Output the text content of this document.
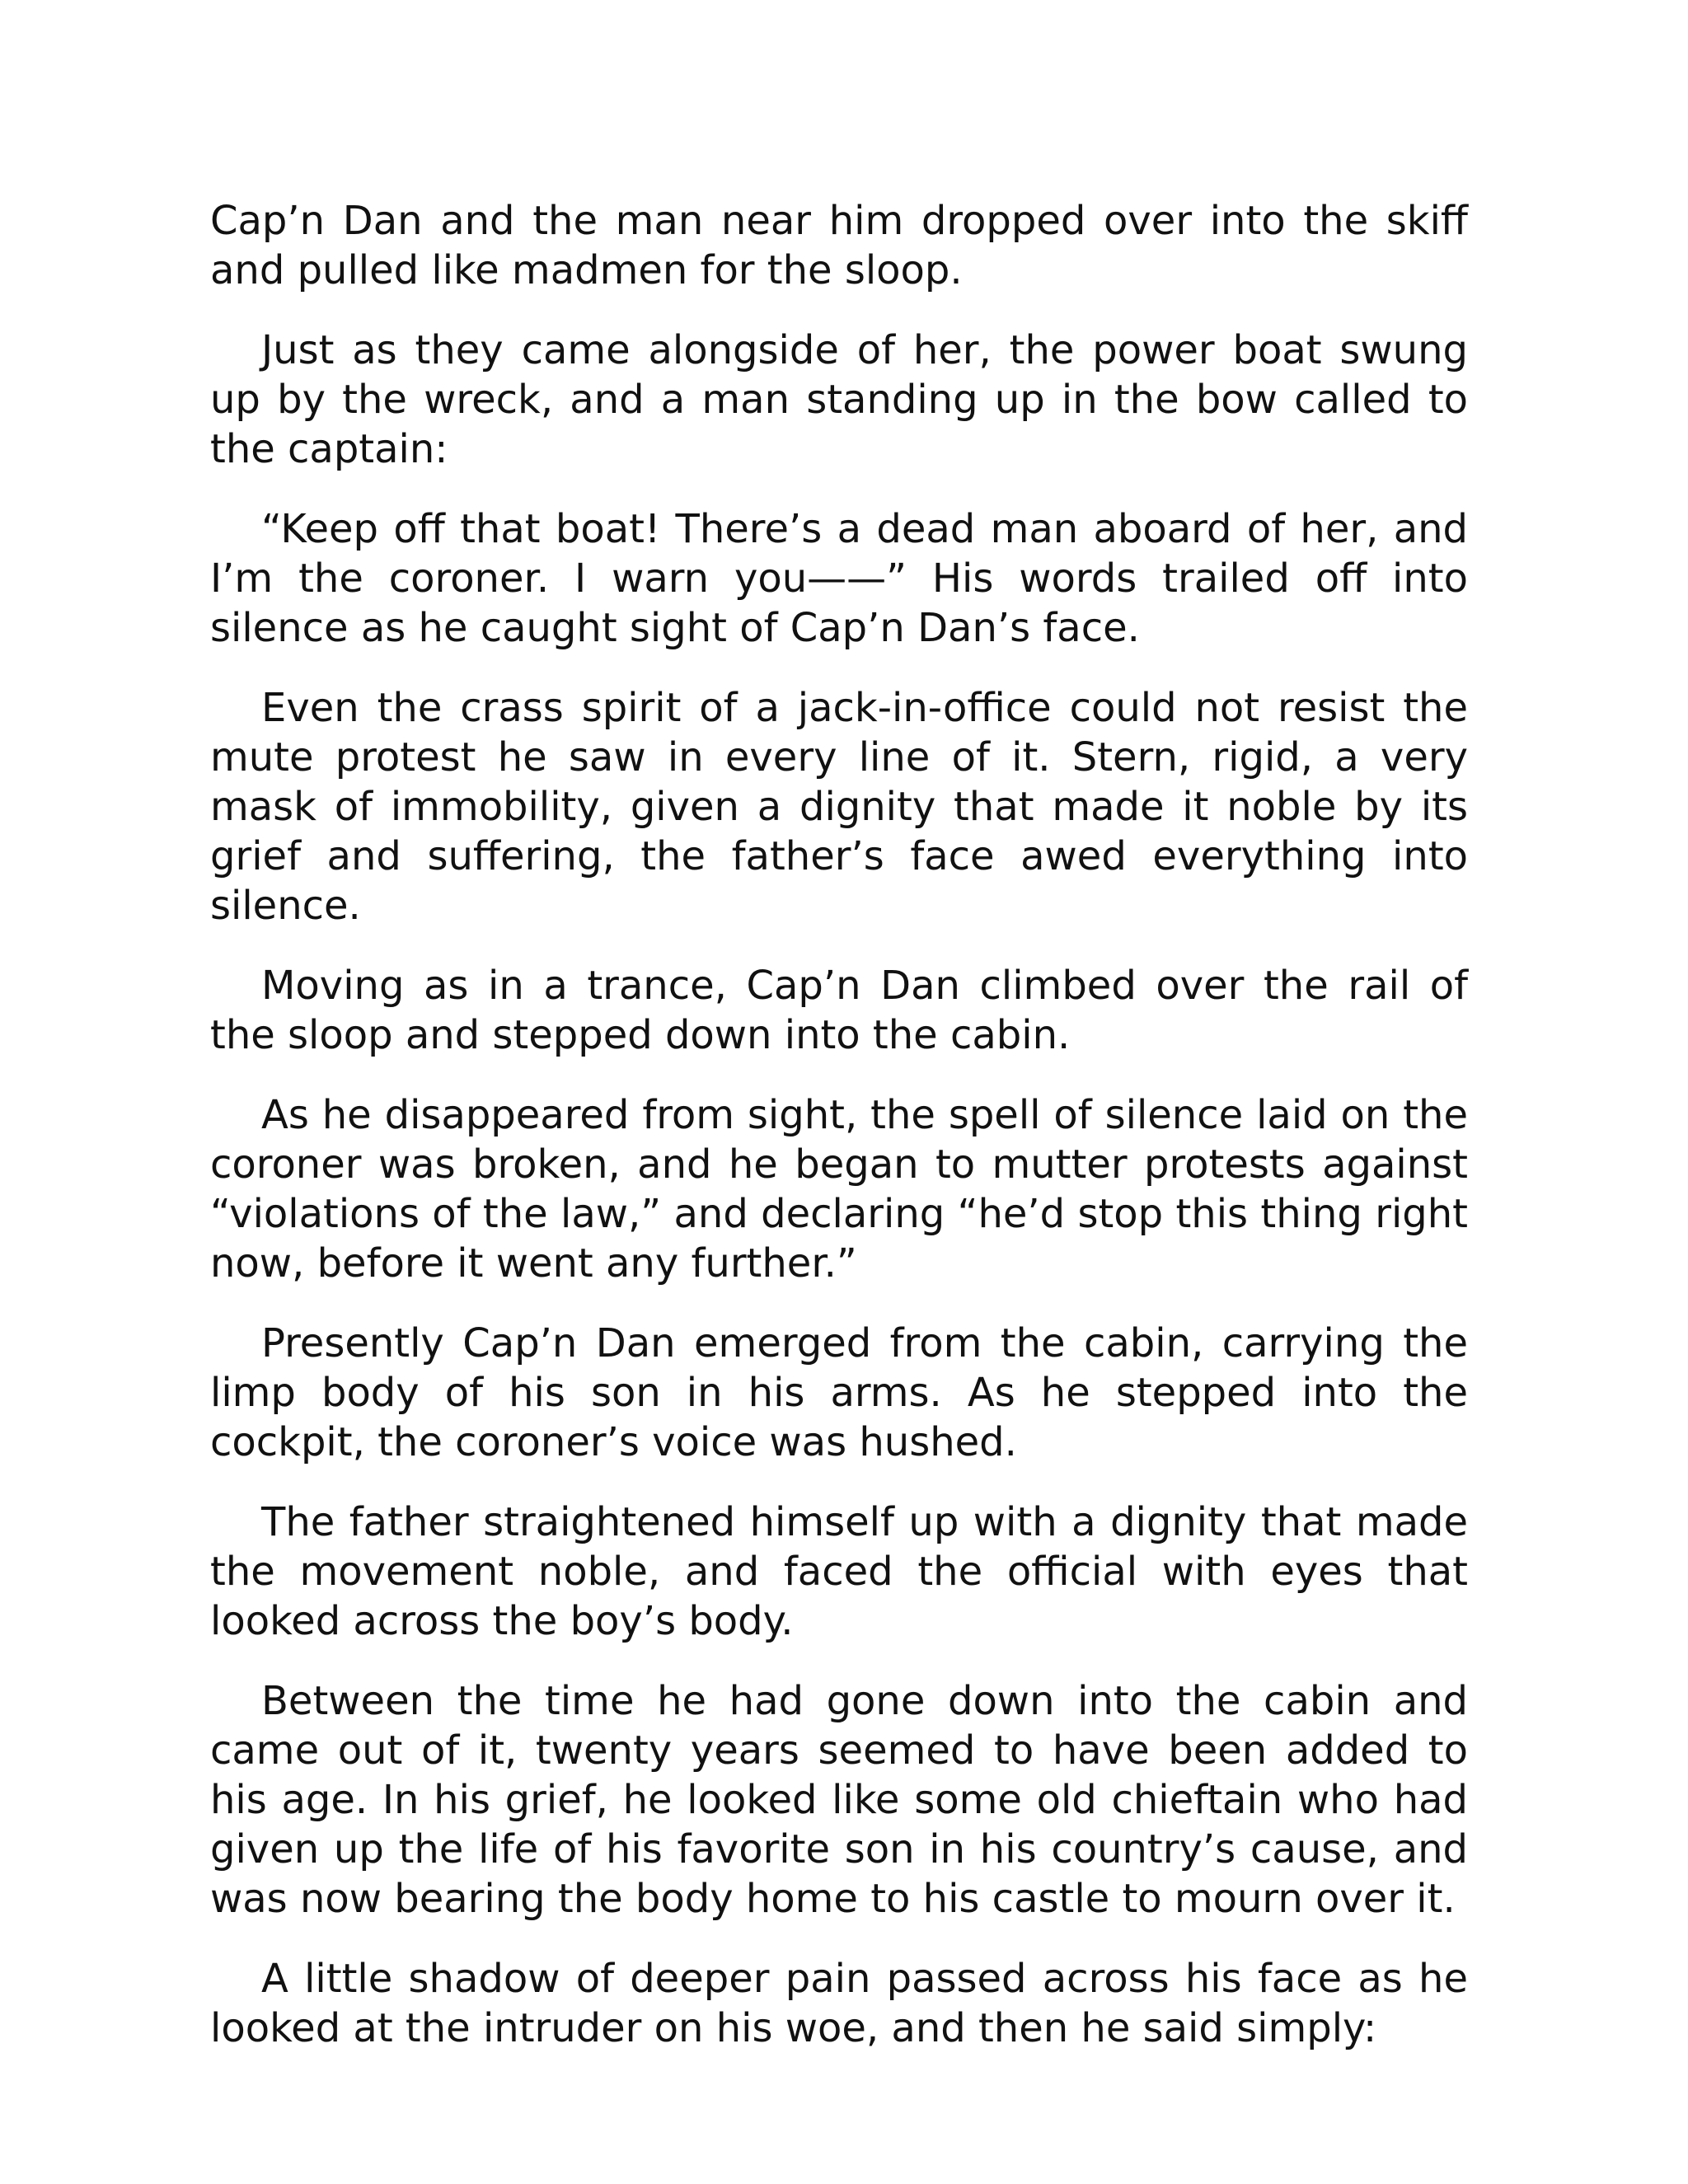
Cap’n Dan and the man near him dropped over into the skiff and pulled like madmen for the sloop.

Just as they came alongside of her, the power boat swung up by the wreck, and a man standing up in the bow called to the captain:

“Keep off that boat! There’s a dead man aboard of her, and I’m the coroner. I warn you——” His words trailed off into silence as he caught sight of Cap’n Dan’s face.

Even the crass spirit of a jack-in-office could not resist the mute protest he saw in every line of it. Stern, rigid, a very mask of immobility, given a dignity that made it noble by its grief and suffering, the father’s face awed everything into silence.

Moving as in a trance, Cap’n Dan climbed over the rail of the sloop and stepped down into the cabin.

As he disappeared from sight, the spell of silence laid on the coroner was broken, and he began to mutter protests against “violations of the law,” and declaring “he’d stop this thing right now, before it went any further.”

Presently Cap’n Dan emerged from the cabin, carrying the limp body of his son in his arms. As he stepped into the cockpit, the coroner’s voice was hushed.

The father straightened himself up with a dignity that made the movement noble, and faced the official with eyes that looked across the boy’s body.

Between the time he had gone down into the cabin and came out of it, twenty years seemed to have been added to his age. In his grief, he looked like some old chieftain who had given up the life of his favorite son in his country’s cause, and was now bearing the body home to his castle to mourn over it.

A little shadow of deeper pain passed across his face as he looked at the intruder on his woe, and then he said simply:
